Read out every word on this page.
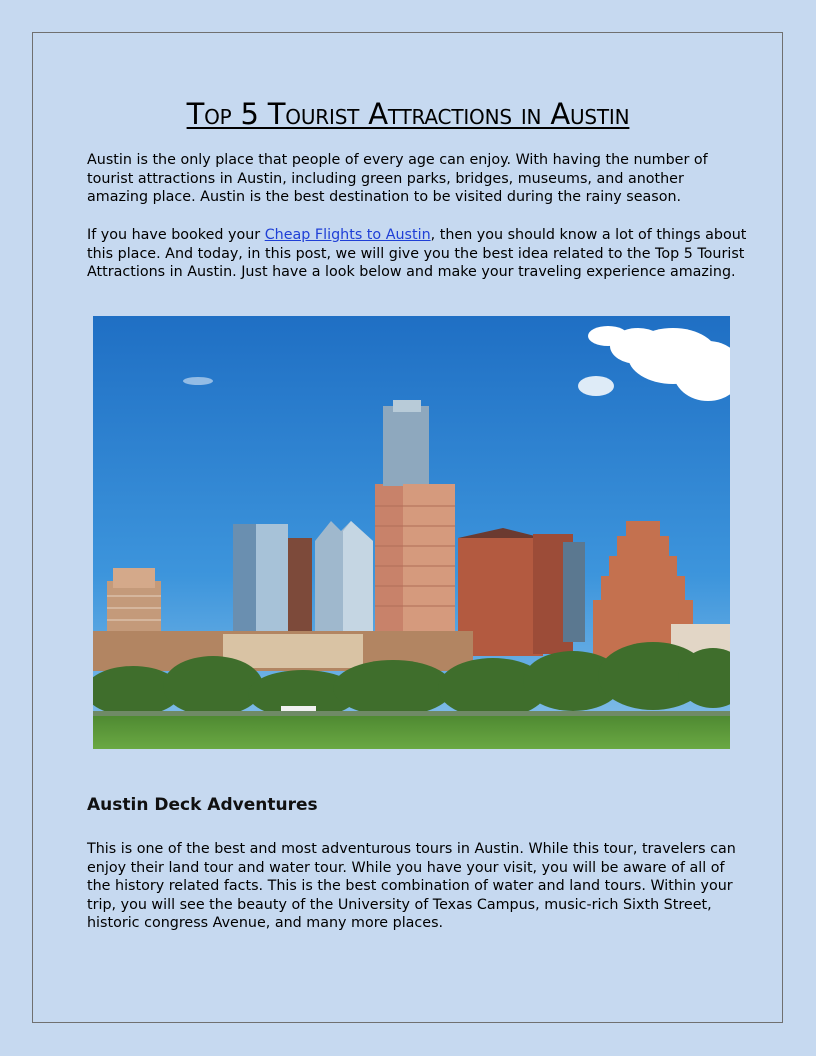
Top 5 Tourist Attractions in Austin

Austin is the only place that people of every age can enjoy. With having the number of tourist attractions in Austin, including green parks, bridges, museums, and another amazing place. Austin is the best destination to be visited during the rainy season.

If you have booked your Cheap Flights to Austin, then you should know a lot of things about this place. And today, in this post, we will give you the best idea related to the Top 5 Tourist Attractions in Austin. Just have a look below and make your traveling experience amazing.

Austin Deck Adventures

This is one of the best and most adventurous tours in Austin. While this tour, travelers can enjoy their land tour and water tour. While you have your visit, you will be aware of all of the history related facts. This is the best combination of water and land tours. Within your trip, you will see the beauty of the University of Texas Campus, music-rich Sixth Street, historic congress Avenue, and many more places.
